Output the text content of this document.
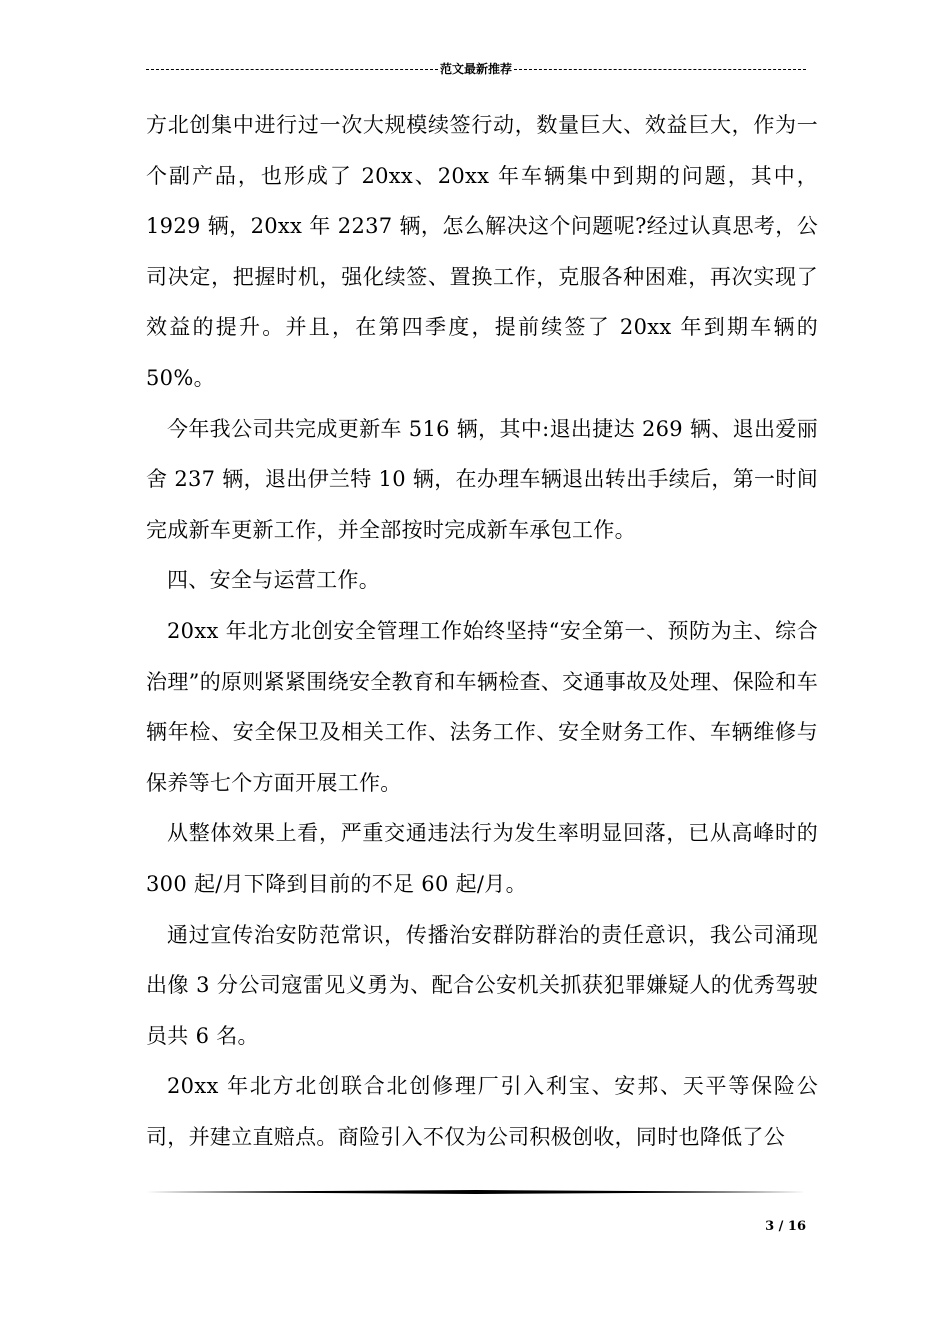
范文最新推荐

方北创集中进行过一次大规模续签行动，数量巨大、效益巨大，作为一个副产品，也形成了 20xx、20xx 年车辆集中到期的问题，其中，1929 辆，20xx 年 2237 辆，怎么解决这个问题呢?经过认真思考，公司决定，把握时机，强化续签、置换工作，克服各种困难，再次实现了效益的提升。并且，在第四季度，提前续签了 20xx 年到期车辆的50%。

今年我公司共完成更新车 516 辆，其中:退出捷达 269 辆、退出爱丽舍 237 辆，退出伊兰特 10 辆，在办理车辆退出转出手续后，第一时间完成新车更新工作，并全部按时完成新车承包工作。

四、安全与运营工作。

20xx 年北方北创安全管理工作始终坚持“安全第一、预防为主、综合治理”的原则紧紧围绕安全教育和车辆检查、交通事故及处理、保险和车辆年检、安全保卫及相关工作、法务工作、安全财务工作、车辆维修与保养等七个方面开展工作。

从整体效果上看，严重交通违法行为发生率明显回落，已从高峰时的 300 起/月下降到目前的不足 60 起/月。

通过宣传治安防范常识，传播治安群防群治的责任意识，我公司涌现出像 3 分公司寇雷见义勇为、配合公安机关抓获犯罪嫌疑人的优秀驾驶员共 6 名。

20xx 年北方北创联合北创修理厂引入利宝、安邦、天平等保险公司，并建立直赔点。商险引入不仅为公司积极创收，同时也降低了公

3 / 16
